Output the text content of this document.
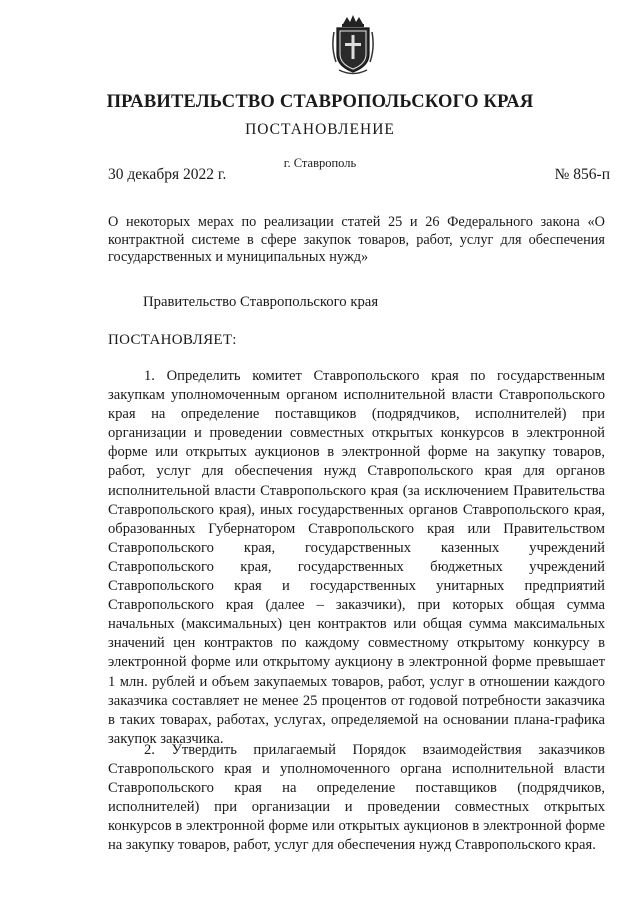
ПРАВИТЕЛЬСТВО СТАВРОПОЛЬСКОГО КРАЯ
ПОСТАНОВЛЕНИЕ
г. Ставрополь
30 декабря 2022 г.	№ 856-п
О некоторых мерах по реализации статей 25 и 26 Федерального закона «О контрактной системе в сфере закупок товаров, работ, услуг для обеспечения государственных и муниципальных нужд»
Правительство Ставропольского края
ПОСТАНОВЛЯЕТ:

1. Определить комитет Ставропольского края по государственным закупкам уполномоченным органом исполнительной власти Ставропольского края на определение поставщиков (подрядчиков, исполнителей) при организации и проведении совместных открытых конкурсов в электронной форме или открытых аукционов в электронной форме на закупку товаров, работ, услуг для обеспечения нужд Ставропольского края для органов исполнительной власти Ставропольского края (за исключением Правительства Ставропольского края), иных государственных органов Ставропольского края, образованных Губернатором Ставропольского края или Правительством Ставропольского края, государственных казенных учреждений Ставропольского края, государственных бюджетных учреждений Ставропольского края и государственных унитарных предприятий Ставропольского края (далее – заказчики), при которых общая сумма начальных (максимальных) цен контрактов или общая сумма максимальных значений цен контрактов по каждому совместному открытому конкурсу в электронной форме или открытому аукциону в электронной форме превышает 1 млн. рублей и объем закупаемых товаров, работ, услуг в отношении каждого заказчика составляет не менее 25 процентов от годовой потребности заказчика в таких товарах, работах, услугах, определяемой на основании плана-графика закупок заказчика.

2. Утвердить прилагаемый Порядок взаимодействия заказчиков Ставропольского края и уполномоченного органа исполнительной власти Ставропольского края на определение поставщиков (подрядчиков, исполнителей) при организации и проведении совместных открытых конкурсов в электронной форме или открытых аукционов в электронной форме на закупку товаров, работ, услуг для обеспечения нужд Ставропольского края.
